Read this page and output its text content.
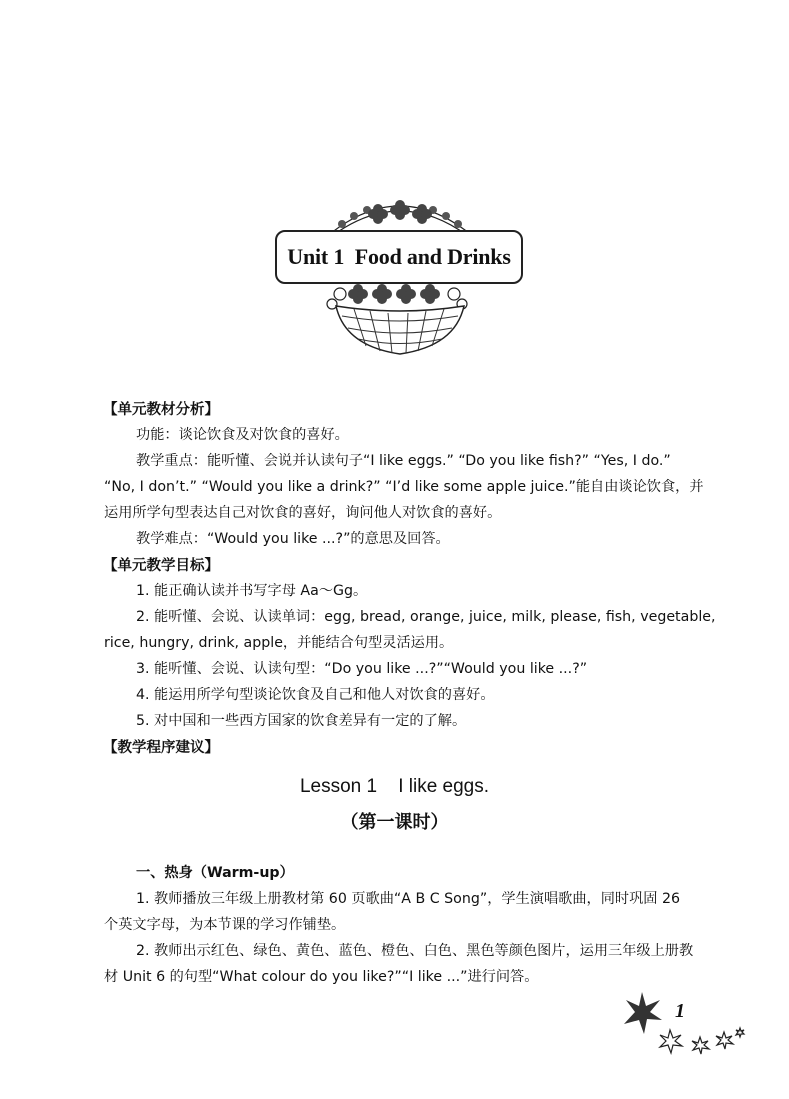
Unit 1  Food and Drinks
【单元教材分析】
功能：谈论饮食及对饮食的喜好。
教学重点：能听懂、会说并认读句子“I like eggs.” “Do you like fish?” “Yes, I do.”
“No, I don’t.” “Would you like a drink?” “I’d like some apple juice.”能自由谈论饮食，并
运用所学句型表达自己对饮食的喜好，询问他人对饮食的喜好。
教学难点：“Would you like ...?”的意思及回答。
【单元教学目标】
1. 能正确认读并书写字母 Aa～Gg。
2. 能听懂、会说、认读单词：egg, bread, orange, juice, milk, please, fish, vegetable,
rice, hungry, drink, apple，并能结合句型灵活运用。
3. 能听懂、会说、认读句型：“Do you like ...?”“Would you like ...?”
4. 能运用所学句型谈论饮食及自己和他人对饮食的喜好。
5. 对中国和一些西方国家的饮食差异有一定的了解。
【教学程序建议】
Lesson 1    I like eggs.
（第一课时）
一、热身（Warm-up）
1. 教师播放三年级上册教材第 60 页歌曲“A B C Song”，学生演唱歌曲，同时巩固 26
个英文字母，为本节课的学习作铺垫。
2. 教师出示红色、绿色、黄色、蓝色、橙色、白色、黑色等颜色图片，运用三年级上册教
材 Unit 6 的句型“What colour do you like?”“I like ...”进行问答。
1
